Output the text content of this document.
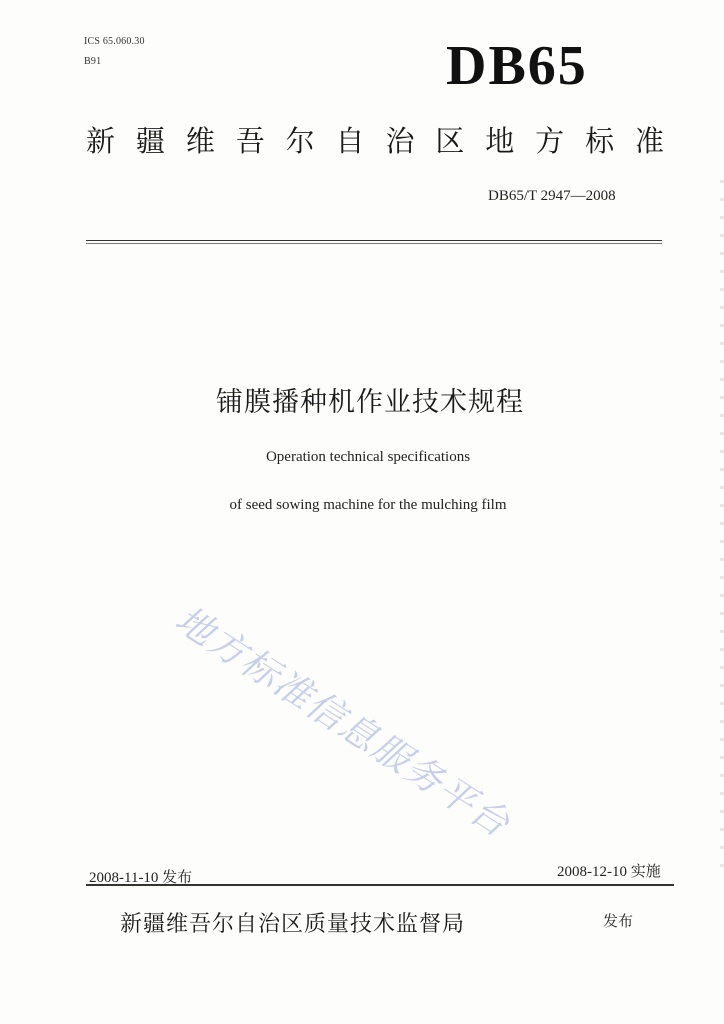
ICS 65.060.30
B91	DB65
新 疆 维 吾 尔 自 治 区 地 方 标 准
DB65/T 2947—2008
铺膜播种机作业技术规程
Operation technical specifications
of seed sowing machine for the mulching film
地方标准信息服务平台
2008-11-10 发布	2008-12-10 实施
新疆维吾尔自治区质量技术监督局	发布
